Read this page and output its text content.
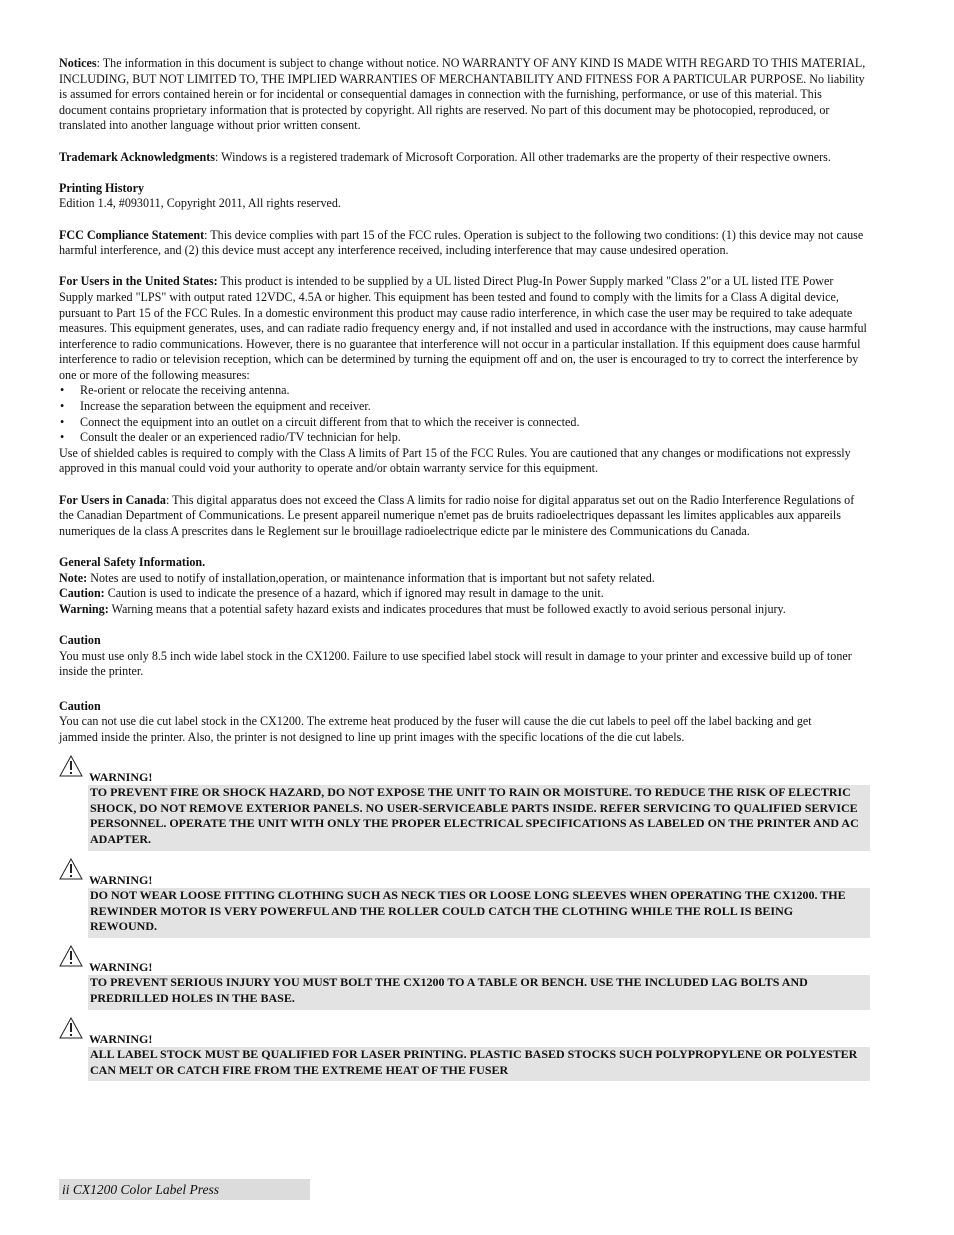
Notices: The information in this document is subject to change without notice. NO WARRANTY OF ANY KIND IS MADE WITH REGARD TO THIS MATERIAL, INCLUDING, BUT NOT LIMITED TO, THE IMPLIED WARRANTIES OF MERCHANTABILITY AND FITNESS FOR A PARTICULAR PURPOSE. No liability is assumed for errors contained herein or for incidental or consequential damages in connection with the furnishing, performance, or use of this material. This document contains proprietary information that is protected by copyright. All rights are reserved. No part of this document may be photocopied, reproduced, or translated into another language without prior written consent.

Trademark Acknowledgments: Windows is a registered trademark of Microsoft Corporation. All other trademarks are the property of their respective owners.

Printing History

Edition 1.4, #093011, Copyright 2011, All rights reserved.

FCC Compliance Statement: This device complies with part 15 of the FCC rules. Operation is subject to the following two conditions: (1) this device may not cause harmful interference, and (2) this device must accept any interference received, including interference that may cause undesired operation.

For Users in the United States: This product is intended to be supplied by a UL listed Direct Plug-In Power Supply marked "Class 2"or a UL listed ITE Power Supply marked "LPS" with output rated 12VDC, 4.5A or higher. This equipment has been tested and found to comply with the limits for a Class A digital device, pursuant to Part 15 of the FCC Rules. In a domestic environment this product may cause radio interference, in which case the user may be required to take adequate measures. This equipment generates, uses, and can radiate radio frequency energy and, if not installed and used in accordance with the instructions, may cause harmful interference to radio communications. However, there is no guarantee that interference will not occur in a particular installation. If this equipment does cause harmful interference to radio or television reception, which can be determined by turning the equipment off and on, the user is encouraged to try to correct the interference by one or more of the following measures:

• Re-orient or relocate the receiving antenna.
• Increase the separation between the equipment and receiver.
• Connect the equipment into an outlet on a circuit different from that to which the receiver is connected.
• Consult the dealer or an experienced radio/TV technician for help.

Use of shielded cables is required to comply with the Class A limits of Part 15 of the FCC Rules. You are cautioned that any changes or modifications not expressly approved in this manual could void your authority to operate and/or obtain warranty service for this equipment.

For Users in Canada: This digital apparatus does not exceed the Class A limits for radio noise for digital apparatus set out on the Radio Interference Regulations of the Canadian Department of Communications. Le present appareil numerique n'emet pas de bruits radioelectriques depassant les limites applicables aux appareils numeriques de la class A prescrites dans le Reglement sur le brouillage radioelectrique edicte par le ministere des Communications du Canada.

General Safety Information.

Note: Notes are used to notify of installation,operation, or maintenance information that is important but not safety related.

Caution: Caution is used to indicate the presence of a hazard, which if ignored may result in damage to the unit.

Warning: Warning means that a potential safety hazard exists and indicates procedures that must be followed exactly to avoid serious personal injury.

Caution

You must use only 8.5 inch wide label stock in the CX1200. Failure to use specified label stock will result in damage to your printer and excessive build up of toner inside the printer.

Caution

You can not use die cut label stock in the CX1200. The extreme heat produced by the fuser will cause the die cut labels to peel off the label backing and get jammed inside the printer. Also, the printer is not designed to line up print images with the specific locations of the die cut labels.

WARNING!
TO PREVENT FIRE OR SHOCK HAZARD, DO NOT EXPOSE THE UNIT TO RAIN OR MOISTURE. TO REDUCE THE RISK OF ELECTRIC SHOCK, DO NOT REMOVE EXTERIOR PANELS. NO USER-SERVICEABLE PARTS INSIDE. REFER SERVICING TO QUALIFIED SERVICE PERSONNEL. OPERATE THE UNIT WITH ONLY THE PROPER ELECTRICAL SPECIFICATIONS AS LABELED ON THE PRINTER AND AC ADAPTER.
WARNING!
DO NOT WEAR LOOSE FITTING CLOTHING SUCH AS NECK TIES OR LOOSE LONG SLEEVES WHEN OPERATING THE CX1200. THE REWINDER MOTOR IS VERY POWERFUL AND THE ROLLER COULD CATCH THE CLOTHING WHILE THE ROLL IS BEING REWOUND.
WARNING!
TO PREVENT SERIOUS INJURY YOU MUST BOLT THE CX1200 TO A TABLE OR BENCH. USE THE INCLUDED LAG BOLTS AND PREDRILLED HOLES IN THE BASE.
WARNING!
ALL LABEL STOCK MUST BE QUALIFIED FOR LASER PRINTING. PLASTIC BASED STOCKS SUCH POLYPROPYLENE OR POLYESTER CAN MELT OR CATCH FIRE FROM THE EXTREME HEAT OF THE FUSER
ii CX1200 Color Label Press
